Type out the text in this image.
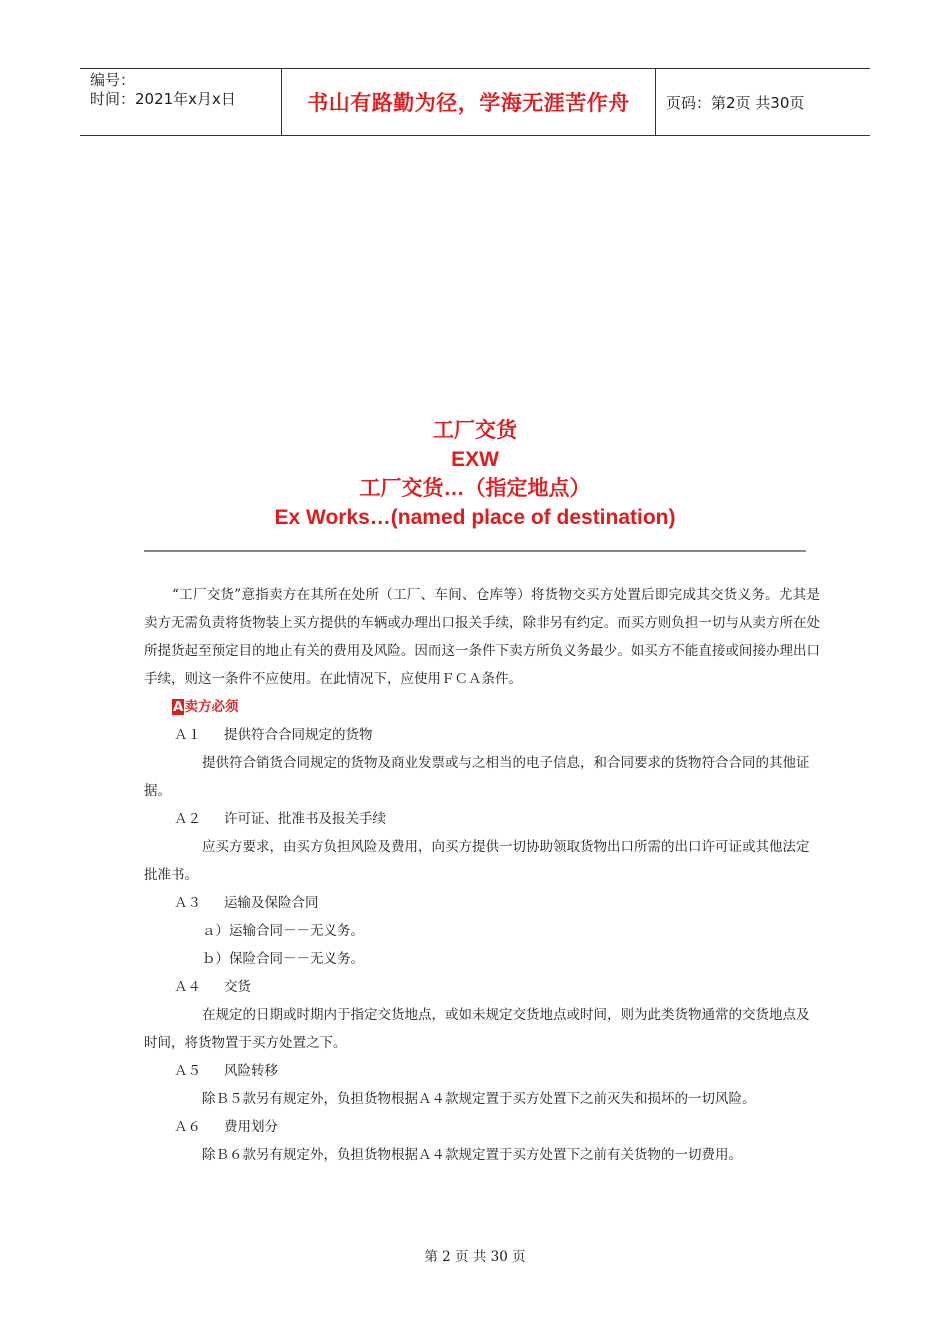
编号：
时间：2021年x月x日	书山有路勤为径，学海无涯苦作舟	页码：第2页 共30页
工厂交货
EXW
工厂交货…（指定地点）
Ex Works…(named place of destination)

“工厂交货”意指卖方在其所在处所（工厂、车间、仓库等）将货物交买方处置后即完成其交货义务。尤其是卖方无需负责将货物装上买方提供的车辆或办理出口报关手续，除非另有约定。而买方则负担一切与从卖方所在处所提货起至预定目的地止有关的费用及风险。因而这一条件下卖方所负义务最少。如买方不能直接或间接办理出口手续，则这一条件不应使用。在此情况下，应使用ＦＣＡ条件。

A卖方必须
Ａ１	提供符合合同规定的货物

提供符合销货合同规定的货物及商业发票或与之相当的电子信息，和合同要求的货物符合合同的其他证据。

Ａ２	许可证、批准书及报关手续

应买方要求，由买方负担风险及费用，向买方提供一切协助领取货物出口所需的出口许可证或其他法定批准书。

Ａ３	运输及保险合同
ａ）运输合同－－无义务。
ｂ）保险合同－－无义务。
Ａ４	交货

在规定的日期或时期内于指定交货地点，或如未规定交货地点或时间，则为此类货物通常的交货地点及时间，将货物置于买方处置之下。

Ａ５	风险转移

除Ｂ５款另有规定外，负担货物根据Ａ４款规定置于买方处置下之前灭失和损坏的一切风险。

Ａ６	费用划分

除Ｂ６款另有规定外，负担货物根据Ａ４款规定置于买方处置下之前有关货物的一切费用。

第 2 页 共 30 页
